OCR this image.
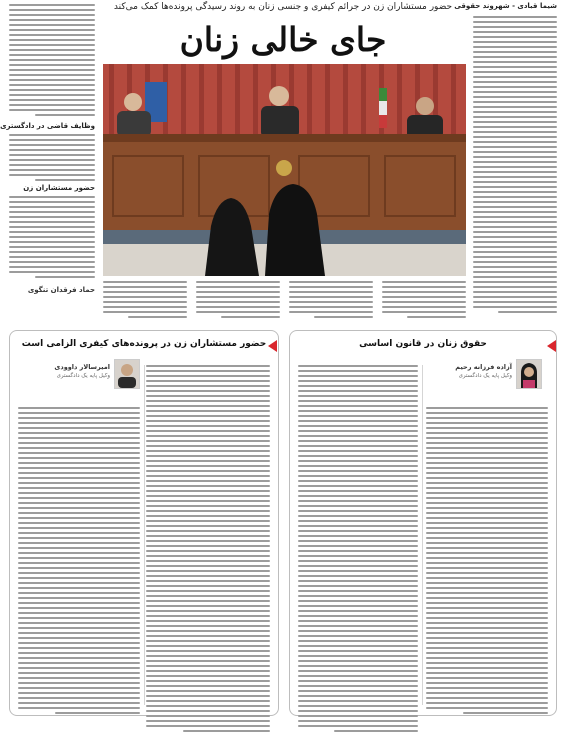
حضور مستشاران زن در جرائم کیفری و جنسی زنان به روند رسیدگی پرونده‌ها کمک می‌کند
جای خالی زنان
شیما قبادی - شهروند حقوقی
وظایف قاضی در دادگستری
حضور مستشاران زن
حماد فرقدان تنگوی
حضور مستشاران زن در پرونده‌های کیفری الزامی است
امیرسالار داوودی
وکیل پایه یک دادگستری
حقوق زنان در قانون اساسی
آزاده فرزانه رحیم
وکیل پایه یک دادگستری
